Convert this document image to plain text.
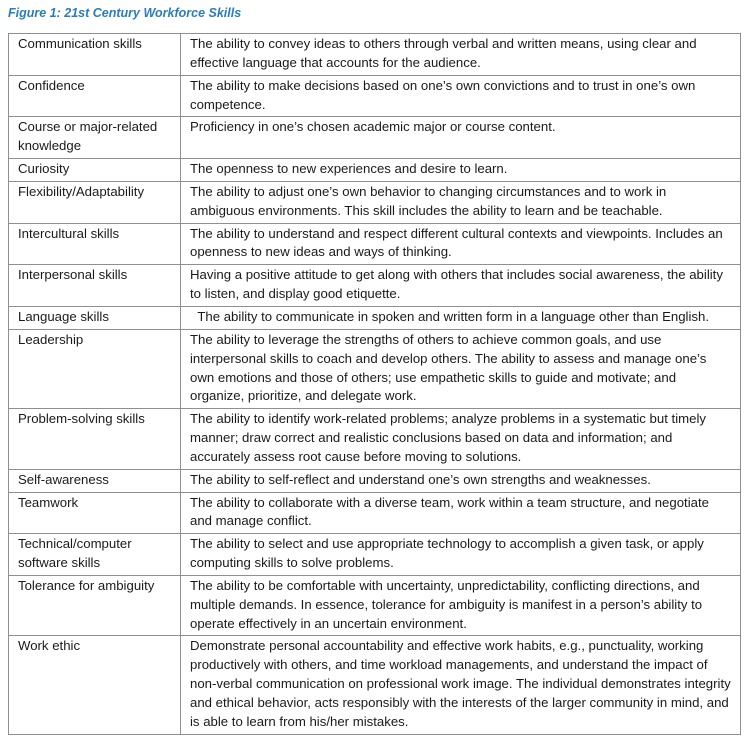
Figure 1: 21st Century Workforce Skills
Communication skills	The ability to convey ideas to others through verbal and written means, using clear and effective language that accounts for the audience.
Confidence	The ability to make decisions based on one’s own convictions and to trust in one’s own competence.
Course or major-related knowledge	Proficiency in one’s chosen academic major or course content.
Curiosity	The openness to new experiences and desire to learn.
Flexibility/Adaptability	The ability to adjust one’s own behavior to changing circumstances and to work in ambiguous environments. This skill includes the ability to learn and be teachable.
Intercultural skills	The ability to understand and respect different cultural contexts and viewpoints. Includes an openness to new ideas and ways of thinking.
Interpersonal skills	Having a positive attitude to get along with others that includes social awareness, the ability to listen, and display good etiquette.
Language skills	The ability to communicate in spoken and written form in a language other than English.
Leadership	The ability to leverage the strengths of others to achieve common goals, and use interpersonal skills to coach and develop others. The ability to assess and manage one’s own emotions and those of others; use empathetic skills to guide and motivate; and organize, prioritize, and delegate work.
Problem-solving skills	The ability to identify work-related problems; analyze problems in a systematic but timely manner; draw correct and realistic conclusions based on data and information; and accurately assess root cause before moving to solutions.
Self-awareness	The ability to self-reflect and understand one’s own strengths and weaknesses.
Teamwork	The ability to collaborate with a diverse team, work within a team structure, and negotiate and manage conflict.
Technical/computer software skills	The ability to select and use appropriate technology to accomplish a given task, or apply computing skills to solve problems.
Tolerance for ambiguity	The ability to be comfortable with uncertainty, unpredictability, conflicting directions, and multiple demands. In essence, tolerance for ambiguity is manifest in a person’s ability to operate effectively in an uncertain environment.
Work ethic	Demonstrate personal accountability and effective work habits, e.g., punctuality, working productively with others, and time workload managements, and understand the impact of non-verbal communication on professional work image. The individual demonstrates integrity and ethical behavior, acts responsibly with the interests of the larger community in mind, and is able to learn from his/her mistakes.
